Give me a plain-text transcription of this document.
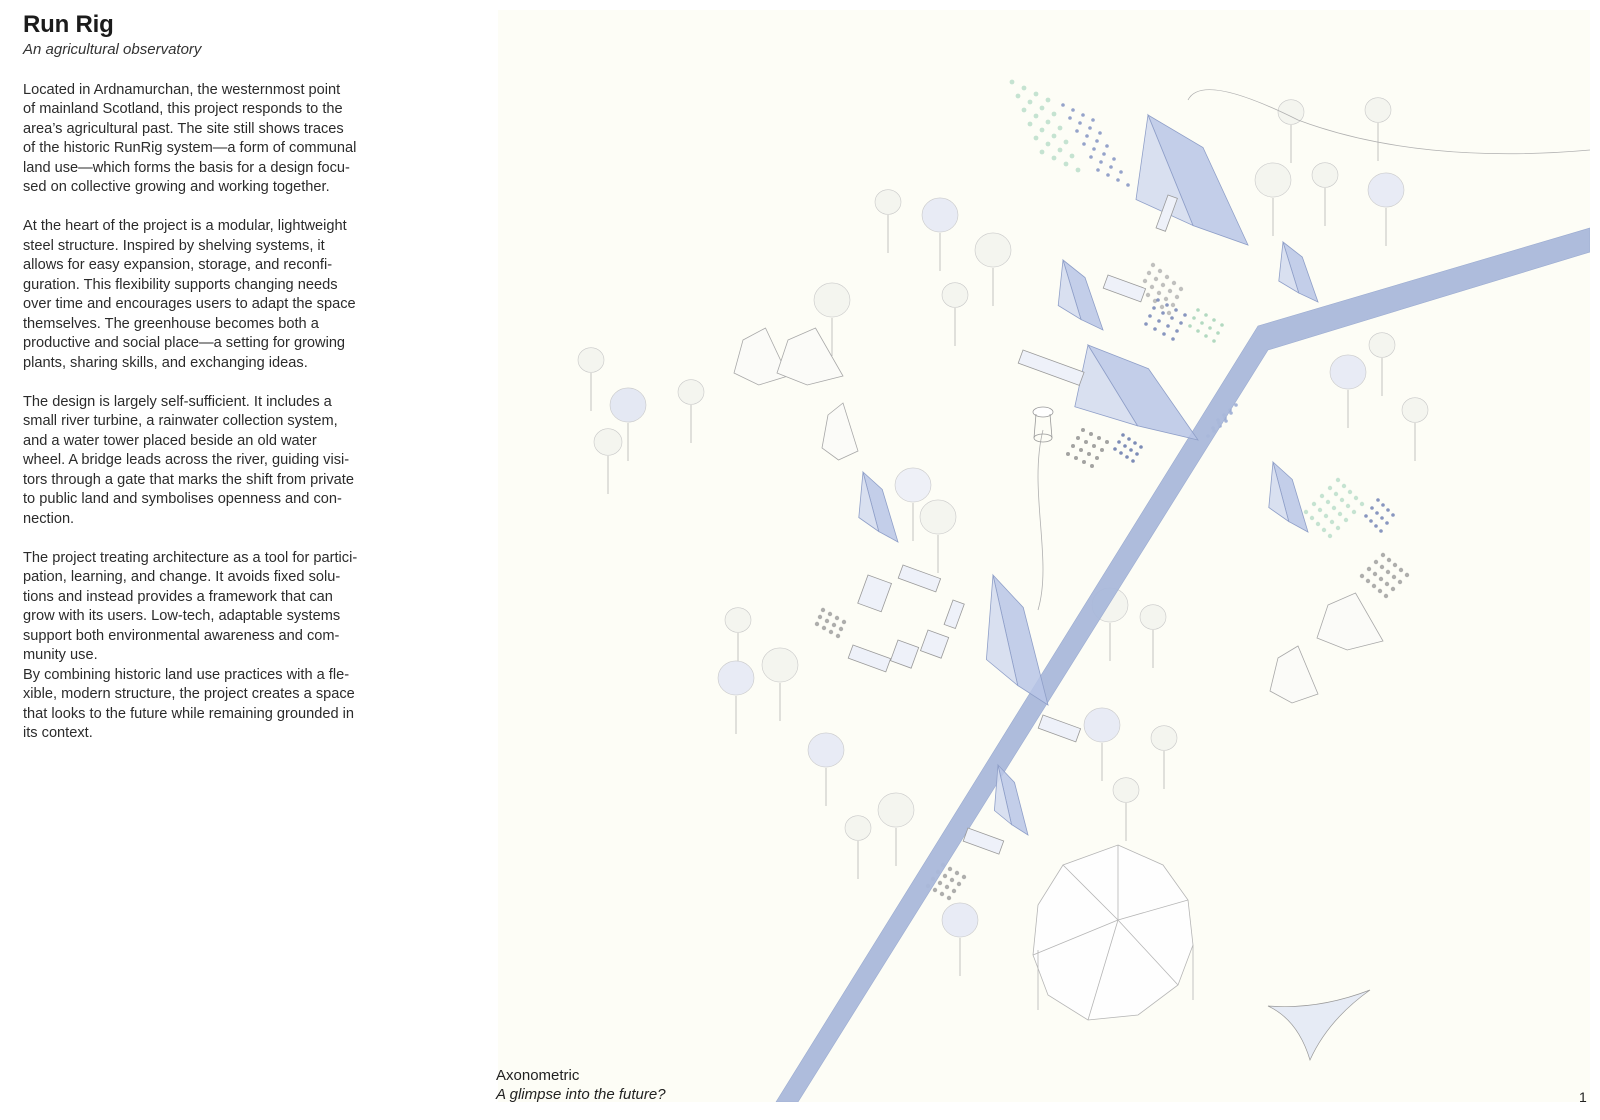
Run Rig

An agricultural observatory

Located in Ardnamurchan, the westernmost point
of mainland Scotland, this project responds to the
area’s agricultural past. The site still shows traces
of the historic RunRig system—a form of communal
land use—which forms the basis for a design focu-
sed on collective growing and working together.

At the heart of the project is a modular, lightweight
steel structure. Inspired by shelving systems, it
allows for easy expansion, storage, and reconfi-
guration. This flexibility supports changing needs
over time and encourages users to adapt the space
themselves. The greenhouse becomes both a
productive and social place—a setting for growing
plants, sharing skills, and exchanging ideas.

The design is largely self-sufficient. It includes a
small river turbine, a rainwater collection system,
and a water tower placed beside an old water
wheel. A bridge leads across the river, guiding visi-
tors through a gate that marks the shift from private
to public land and symbolises openness and con-
nection.

The project treating architecture as a tool for partici-
pation, learning, and change. It avoids fixed solu-
tions and instead provides a framework that can
grow with its users. Low-tech, adaptable systems
support both environmental awareness and com-
munity use.

By combining historic land use practices with a fle-
xible, modern structure, the project creates a space
that looks to the future while remaining grounded in
its context.

Axonometric
A glimpse into the future?	1
